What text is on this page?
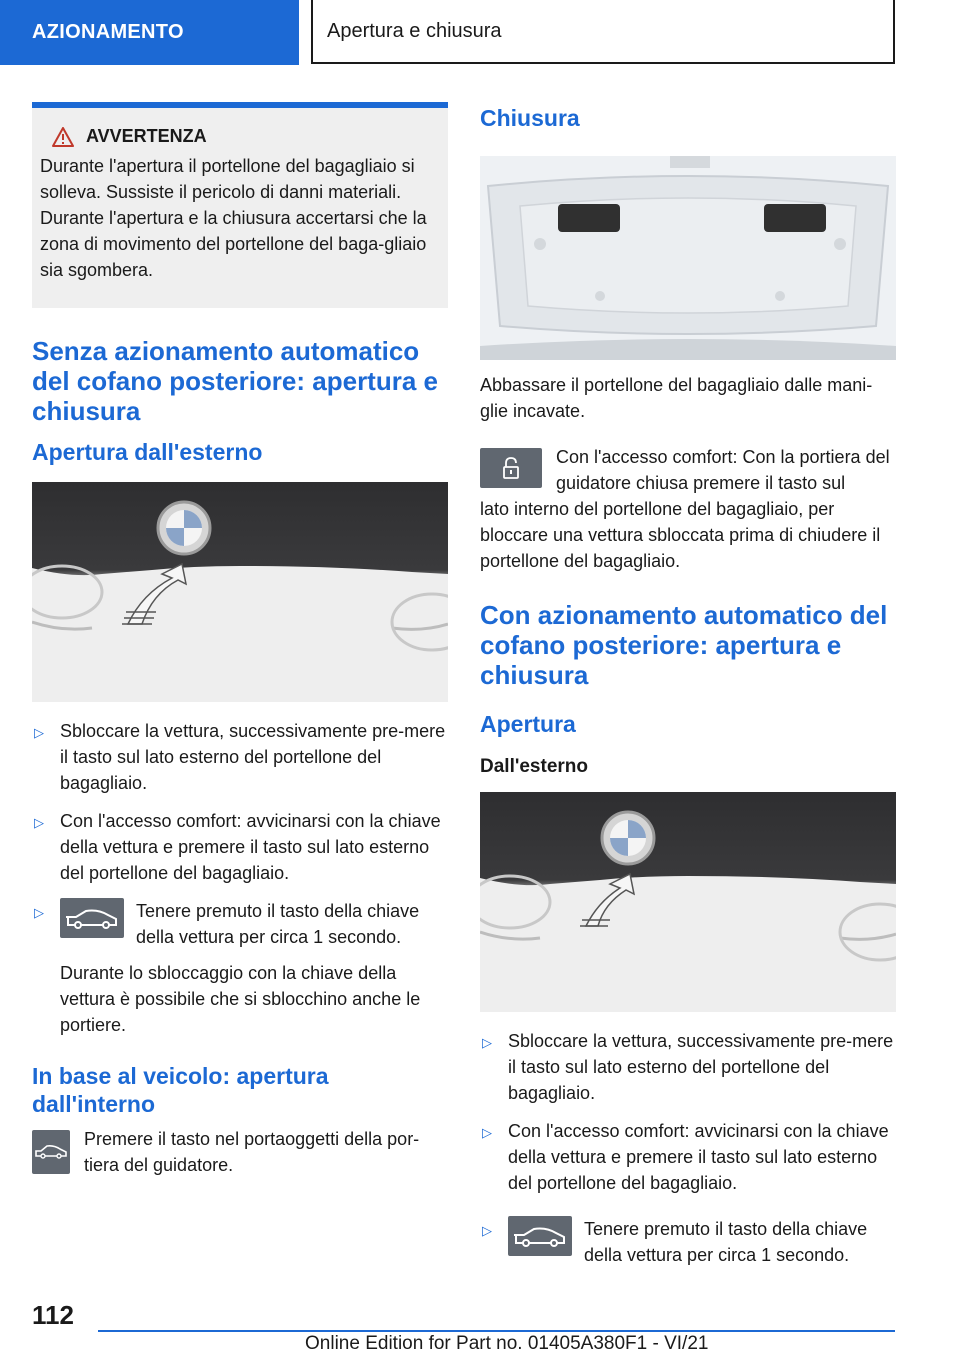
AZIONAMENTO	Apertura e chiusura
AVVERTENZA
Durante l'apertura il portellone del bagagliaio si solleva. Sussiste il pericolo di danni materiali. Durante l'apertura e la chiusura accertarsi che la zona di movimento del portellone del baga-gliaio sia sgombera.
Senza azionamento automatico del cofano posteriore: apertura e chiusura
Apertura dall'esterno
▷ Sbloccare la vettura, successivamente pre-mere il tasto sul lato esterno del portellone del bagagliaio.
▷ Con l'accesso comfort: avvicinarsi con la chiave della vettura e premere il tasto sul lato esterno del portellone del bagagliaio.
▷	Tenere premuto il tasto della chiave della vettura per circa 1 secondo.

Durante lo sbloccaggio con la chiave della vettura è possibile che si sblocchino anche le portiere.

In base al veicolo: apertura dall'interno
Premere il tasto nel portaoggetti della por-tiera del guidatore.
Chiusura

Abbassare il portellone del bagagliaio dalle mani-glie incavate.

Con l'accesso comfort: Con la portiera del guidatore chiusa premere il tasto sul

lato interno del portellone del bagagliaio, per bloccare una vettura sbloccata prima di chiudere il portellone del bagagliaio.

Con azionamento automatico del cofano posteriore: apertura e chiusura
Apertura
Dall'esterno
▷ Sbloccare la vettura, successivamente pre-mere il tasto sul lato esterno del portellone del bagagliaio.
▷ Con l'accesso comfort: avvicinarsi con la chiave della vettura e premere il tasto sul lato esterno del portellone del bagagliaio.
▷	Tenere premuto il tasto della chiave della vettura per circa 1 secondo.
112
Online Edition for Part no. 01405A380F1 - VI/21
